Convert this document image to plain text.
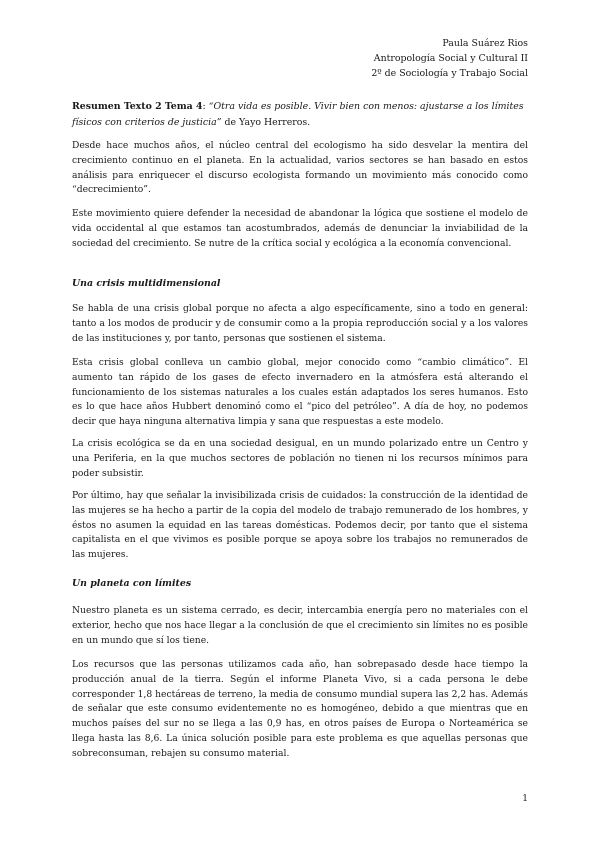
Paula Suárez Rios
Antropología Social y Cultural II
2º de Sociología y Trabajo Social
Resumen Texto 2 Tema 4: “Otra vida es posible. Vivir bien con menos: ajustarse a los límites físicos con criterios de justicia” de Yayo Herreros.

Desde hace muchos años, el núcleo central del ecologismo ha sido desvelar la mentira del crecimiento continuo en el planeta. En la actualidad, varios sectores se han basado en estos análisis para enriquecer el discurso ecologista formando un movimiento más conocido como “decrecimiento”.

Este movimiento quiere defender la necesidad de abandonar la lógica que sostiene el modelo de vida occidental al que estamos tan acostumbrados, además de denunciar la inviabilidad de la sociedad del crecimiento. Se nutre de la crítica social y ecológica a la economía convencional.

Una crisis multidimensional

Se habla de una crisis global porque no afecta a algo específicamente, sino a todo en general: tanto a los modos de producir y de consumir como a la propia reproducción social y a los valores de las instituciones y, por tanto, personas que sostienen el sistema.

Esta crisis global conlleva un cambio global, mejor conocido como “cambio climático”. El aumento tan rápido de los gases de efecto invernadero en la atmósfera está alterando el funcionamiento de los sistemas naturales a los cuales están adaptados los seres humanos. Esto es lo que hace años Hubbert denominó como el “pico del petróleo”. A día de hoy, no podemos decir que haya ninguna alternativa limpia y sana que respuestas a este modelo.

La crisis ecológica se da en una sociedad desigual, en un mundo polarizado entre un Centro y una Periferia, en la que muchos sectores de población no tienen ni los recursos mínimos para poder subsistir.

Por último, hay que señalar la invisibilizada crisis de cuidados: la construcción de la identidad de las mujeres se ha hecho a partir de la copia del modelo de trabajo remunerado de los hombres, y éstos no asumen la equidad en las tareas domésticas. Podemos decir, por tanto que el sistema capitalista en el que vivimos es posible porque se apoya sobre los trabajos no remunerados de las mujeres.

Un planeta con límites

Nuestro planeta es un sistema cerrado, es decir, intercambia energía pero no materiales con el exterior, hecho que nos hace llegar a la conclusión de que el crecimiento sin límites no es posible en un mundo que sí los tiene.

Los recursos que las personas utilizamos cada año, han sobrepasado desde hace tiempo la producción anual de la tierra. Según el informe Planeta Vivo, si a cada persona le debe corresponder 1,8 hectáreas de terreno, la media de consumo mundial supera las 2,2 has. Además de señalar que este consumo evidentemente no es homogéneo, debido a que mientras que en muchos países del sur no se llega a las 0,9 has, en otros países de Europa o Norteamérica se llega hasta las 8,6. La única solución posible para este problema es que aquellas personas que sobreconsuman, rebajen su consumo material.

1
